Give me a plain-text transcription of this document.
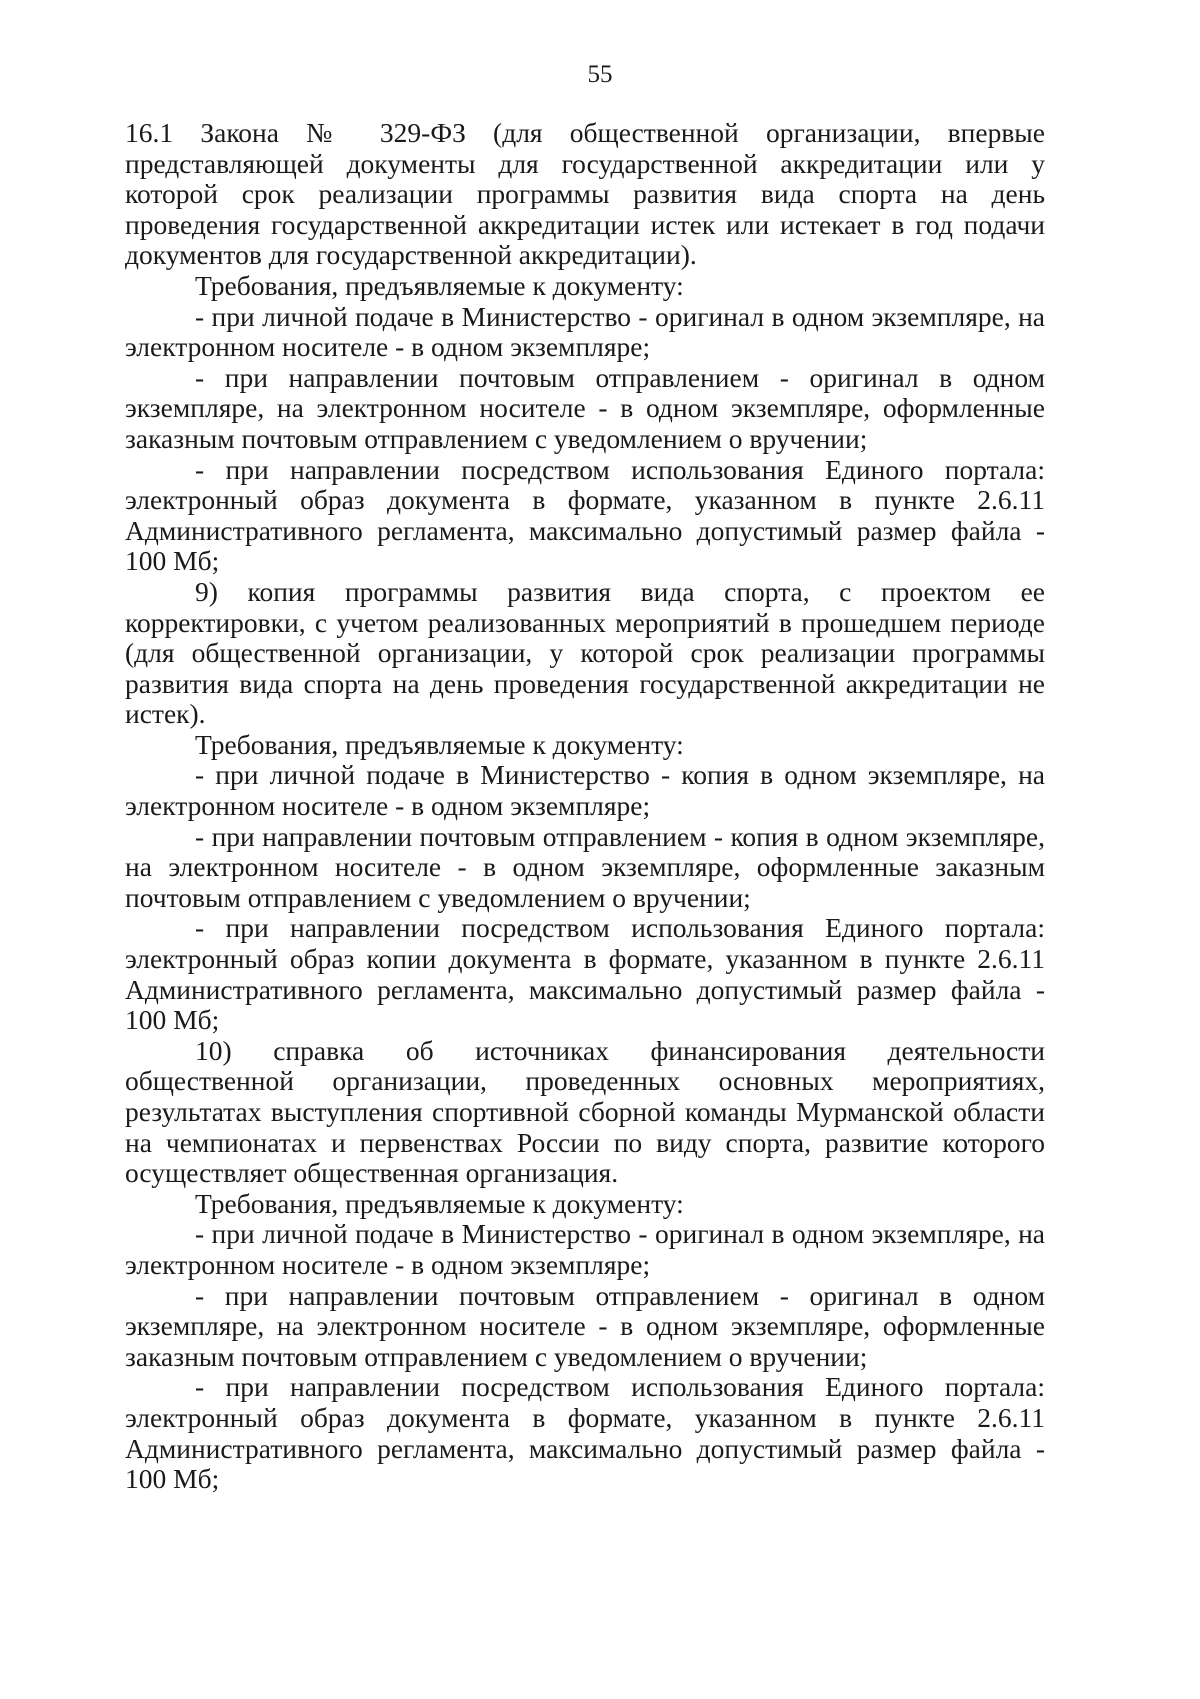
55

16.1 Закона № 329-ФЗ (для общественной организации, впервые представляющей документы для государственной аккредитации или у которой срок реализации программы развития вида спорта на день проведения государственной аккредитации истек или истекает в год подачи документов для государственной аккредитации).

Требования, предъявляемые к документу:

- при личной подаче в Министерство - оригинал в одном экземпляре, на электронном носителе - в одном экземпляре;

- при направлении почтовым отправлением - оригинал в одном экземпляре, на электронном носителе - в одном экземпляре, оформленные заказным почтовым отправлением с уведомлением о вручении;

- при направлении посредством использования Единого портала: электронный образ документа в формате, указанном в пункте 2.6.11 Административного регламента, максимально допустимый размер файла - 100 Мб;

9) копия программы развития вида спорта, с проектом ее корректировки, с учетом реализованных мероприятий в прошедшем периоде (для общественной организации, у которой срок реализации программы развития вида спорта на день проведения государственной аккредитации не истек).

Требования, предъявляемые к документу:

- при личной подаче в Министерство - копия в одном экземпляре, на электронном носителе - в одном экземпляре;

- при направлении почтовым отправлением - копия в одном экземпляре, на электронном носителе - в одном экземпляре, оформленные заказным почтовым отправлением с уведомлением о вручении;

- при направлении посредством использования Единого портала: электронный образ копии документа в формате, указанном в пункте 2.6.11 Административного регламента, максимально допустимый размер файла - 100 Мб;

10) справка об источниках финансирования деятельности общественной организации, проведенных основных мероприятиях, результатах выступления спортивной сборной команды Мурманской области на чемпионатах и первенствах России по виду спорта, развитие которого осуществляет общественная организация.

Требования, предъявляемые к документу:

- при личной подаче в Министерство - оригинал в одном экземпляре, на электронном носителе - в одном экземпляре;

- при направлении почтовым отправлением - оригинал в одном экземпляре, на электронном носителе - в одном экземпляре, оформленные заказным почтовым отправлением с уведомлением о вручении;

- при направлении посредством использования Единого портала: электронный образ документа в формате, указанном в пункте 2.6.11 Административного регламента, максимально допустимый размер файла - 100 Мб;
